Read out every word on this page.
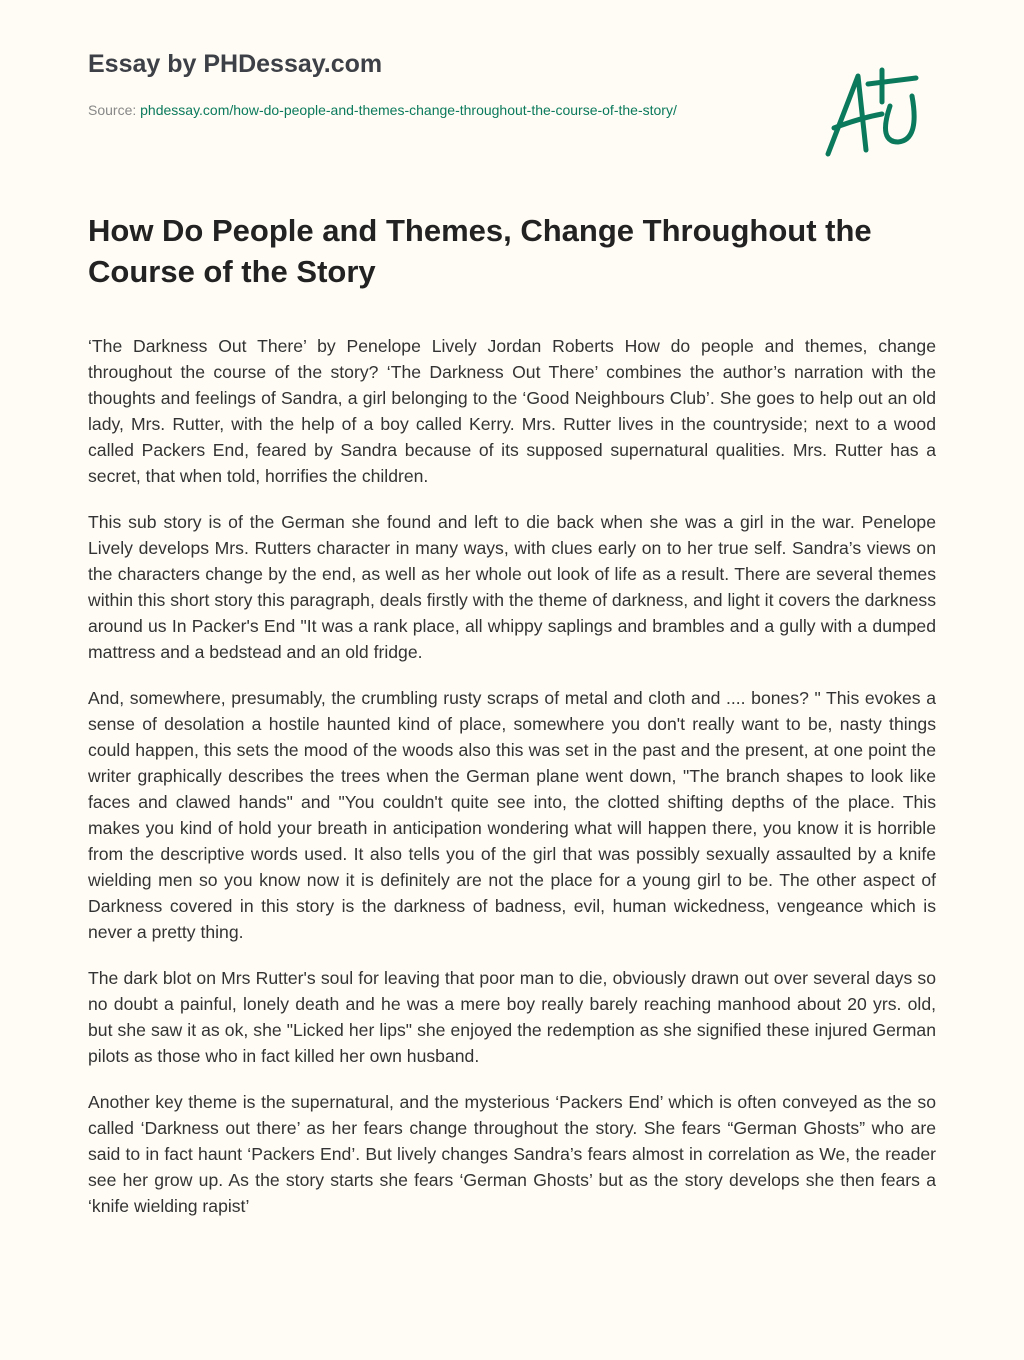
Essay by PHDessay.com
Source: phdessay.com/how-do-people-and-themes-change-throughout-the-course-of-the-story/
How Do People and Themes, Change Throughout the Course of the Story

‘The Darkness Out There’ by Penelope Lively Jordan Roberts How do people and themes, change throughout the course of the story? ‘The Darkness Out There’ combines the author’s narration with the thoughts and feelings of Sandra, a girl belonging to the ‘Good Neighbours Club’. She goes to help out an old lady, Mrs. Rutter, with the help of a boy called Kerry. Mrs. Rutter lives in the countryside; next to a wood called Packers End, feared by Sandra because of its supposed supernatural qualities. Mrs. Rutter has a secret, that when told, horrifies the children.

This sub story is of the German she found and left to die back when she was a girl in the war. Penelope Lively develops Mrs. Rutters character in many ways, with clues early on to her true self. Sandra’s views on the characters change by the end, as well as her whole out look of life as a result. There are several themes within this short story this paragraph, deals firstly with the theme of darkness, and light it covers the darkness around us In Packer's End "It was a rank place, all whippy saplings and brambles and a gully with a dumped mattress and a bedstead and an old fridge.

And, somewhere, presumably, the crumbling rusty scraps of metal and cloth and .... bones? " This evokes a sense of desolation a hostile haunted kind of place, somewhere you don't really want to be, nasty things could happen, this sets the mood of the woods also this was set in the past and the present, at one point the writer graphically describes the trees when the German plane went down, "The branch shapes to look like faces and clawed hands" and "You couldn't quite see into, the clotted shifting depths of the place. This makes you kind of hold your breath in anticipation wondering what will happen there, you know it is horrible from the descriptive words used. It also tells you of the girl that was possibly sexually assaulted by a knife wielding men so you know now it is definitely are not the place for a young girl to be. The other aspect of Darkness covered in this story is the darkness of badness, evil, human wickedness, vengeance which is never a pretty thing.

The dark blot on Mrs Rutter's soul for leaving that poor man to die, obviously drawn out over several days so no doubt a painful, lonely death and he was a mere boy really barely reaching manhood about 20 yrs. old, but she saw it as ok, she "Licked her lips" she enjoyed the redemption as she signified these injured German pilots as those who in fact killed her own husband.

Another key theme is the supernatural, and the mysterious ‘Packers End’ which is often conveyed as the so called ‘Darkness out there’ as her fears change throughout the story. She fears “German Ghosts” who are said to in fact haunt ‘Packers End’. But lively changes Sandra’s fears almost in correlation as We, the reader see her grow up. As the story starts she fears ‘German Ghosts’ but as the story develops she then fears a ‘knife wielding rapist’
